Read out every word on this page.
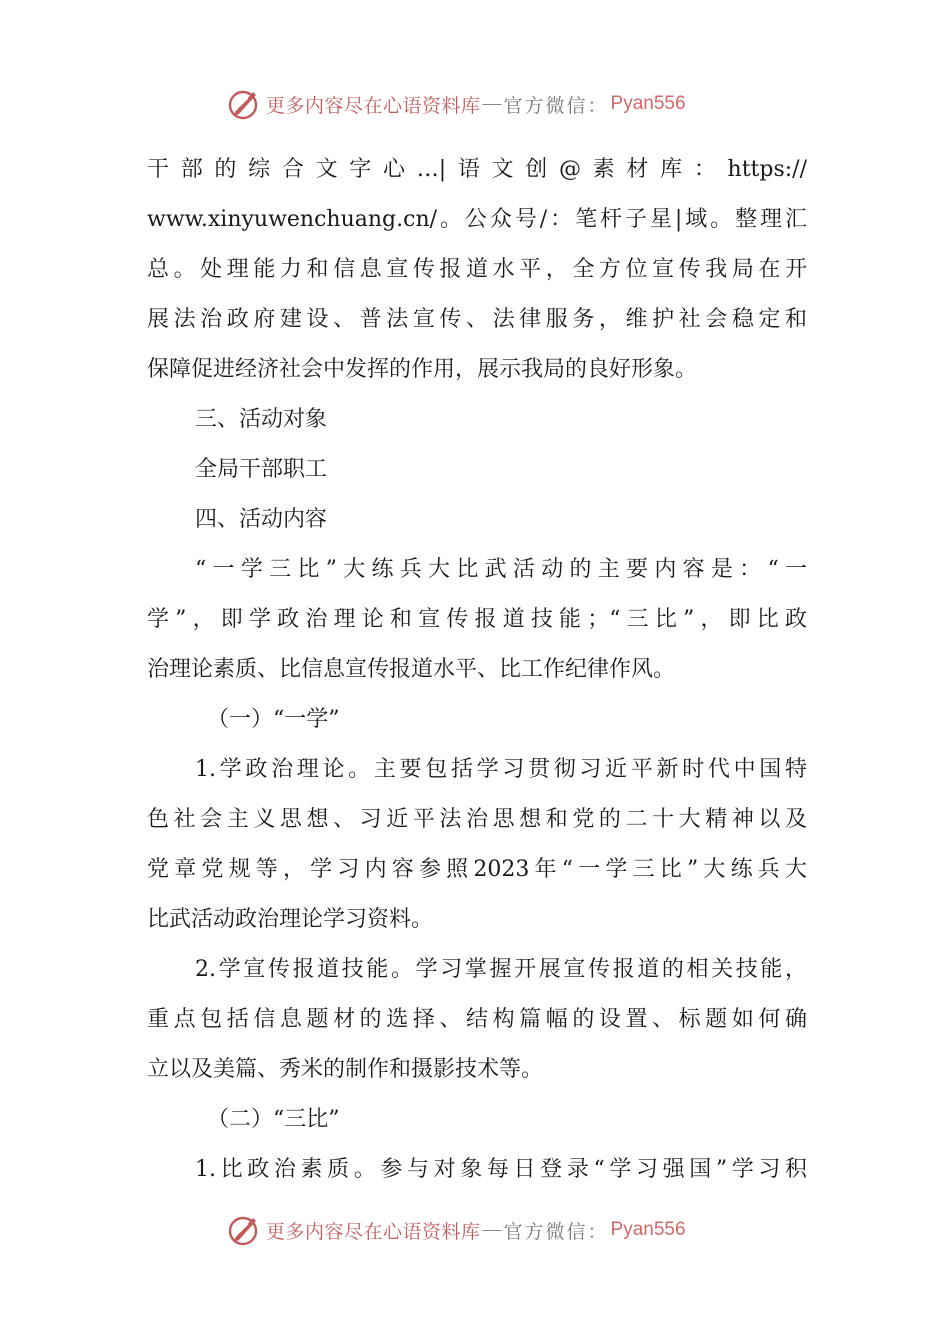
更多内容尽在心语资料库 — 官方微信： Pyan556
干部的综合文字心…|语文创@素材库：https://
www.xinyuwenchuang.cn/。公众号/：笔杆子星|域。整理汇
总。处理能力和信息宣传报道水平，全方位宣传我局在开
展法治政府建设、普法宣传、法律服务，维护社会稳定和
保障促进经济社会中发挥的作用，展示我局的良好形象。
三、活动对象
全局干部职工
四、活动内容
“一学三比”大练兵大比武活动的主要内容是：“一
学”，即学政治理论和宣传报道技能；“三比”，即比政
治理论素质、比信息宣传报道水平、比工作纪律作风。
（一）“一学”
1.学政治理论。主要包括学习贯彻习近平新时代中国特
色社会主义思想、习近平法治思想和党的二十大精神以及
党章党规等，学习内容参照2023年“一学三比”大练兵大
比武活动政治理论学习资料。
2.学宣传报道技能。学习掌握开展宣传报道的相关技能，
重点包括信息题材的选择、结构篇幅的设置、标题如何确
立以及美篇、秀米的制作和摄影技术等。
（二）“三比”
1.比政治素质。参与对象每日登录“学习强国”学习积
更多内容尽在心语资料库 — 官方微信： Pyan556
